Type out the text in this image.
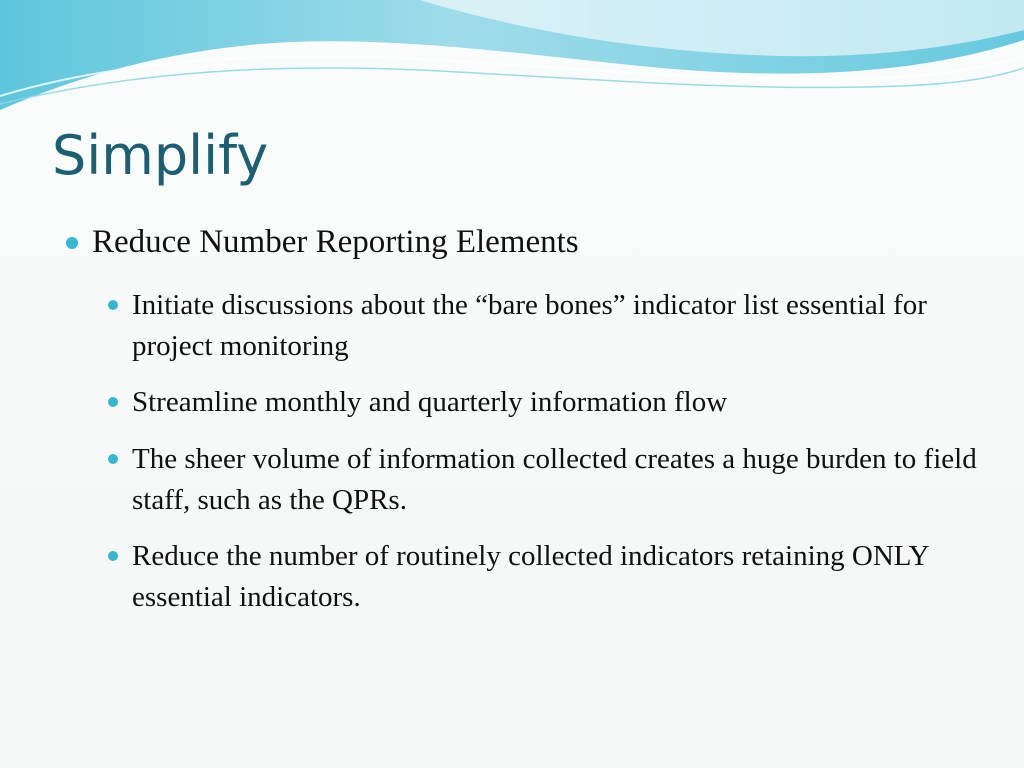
Simplify
Reduce Number Reporting Elements
Initiate discussions about the “bare bones” indicator list essential for project monitoring
Streamline monthly and quarterly information flow
The sheer volume of information collected creates a huge burden to field staff, such as the QPRs.
Reduce the number of routinely collected indicators retaining ONLY essential indicators.
